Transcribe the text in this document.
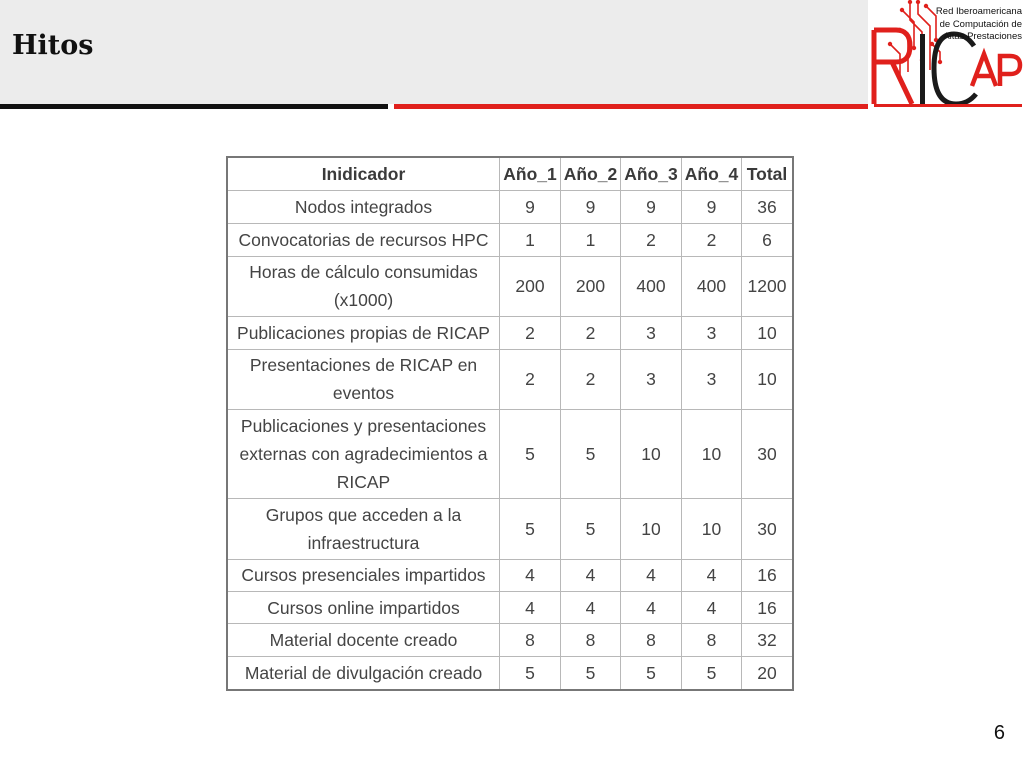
Hitos
Red Iberoamericana
de Computación de
Altas Prestaciones
Inidicador	Año_1	Año_2	Año_3	Año_4	Total
Nodos integrados	9	9	9	9	36
Convocatorias de recursos HPC	1	1	2	2	6
Horas de cálculo consumidas (x1000)	200	200	400	400	1200
Publicaciones propias de RICAP	2	2	3	3	10
Presentaciones de RICAP en eventos	2	2	3	3	10
Publicaciones y presentaciones externas con agradecimientos a RICAP	5	5	10	10	30
Grupos que acceden a la infraestructura	5	5	10	10	30
Cursos presenciales impartidos	4	4	4	4	16
Cursos online impartidos	4	4	4	4	16
Material docente creado	8	8	8	8	32
Material de divulgación creado	5	5	5	5	20
6
